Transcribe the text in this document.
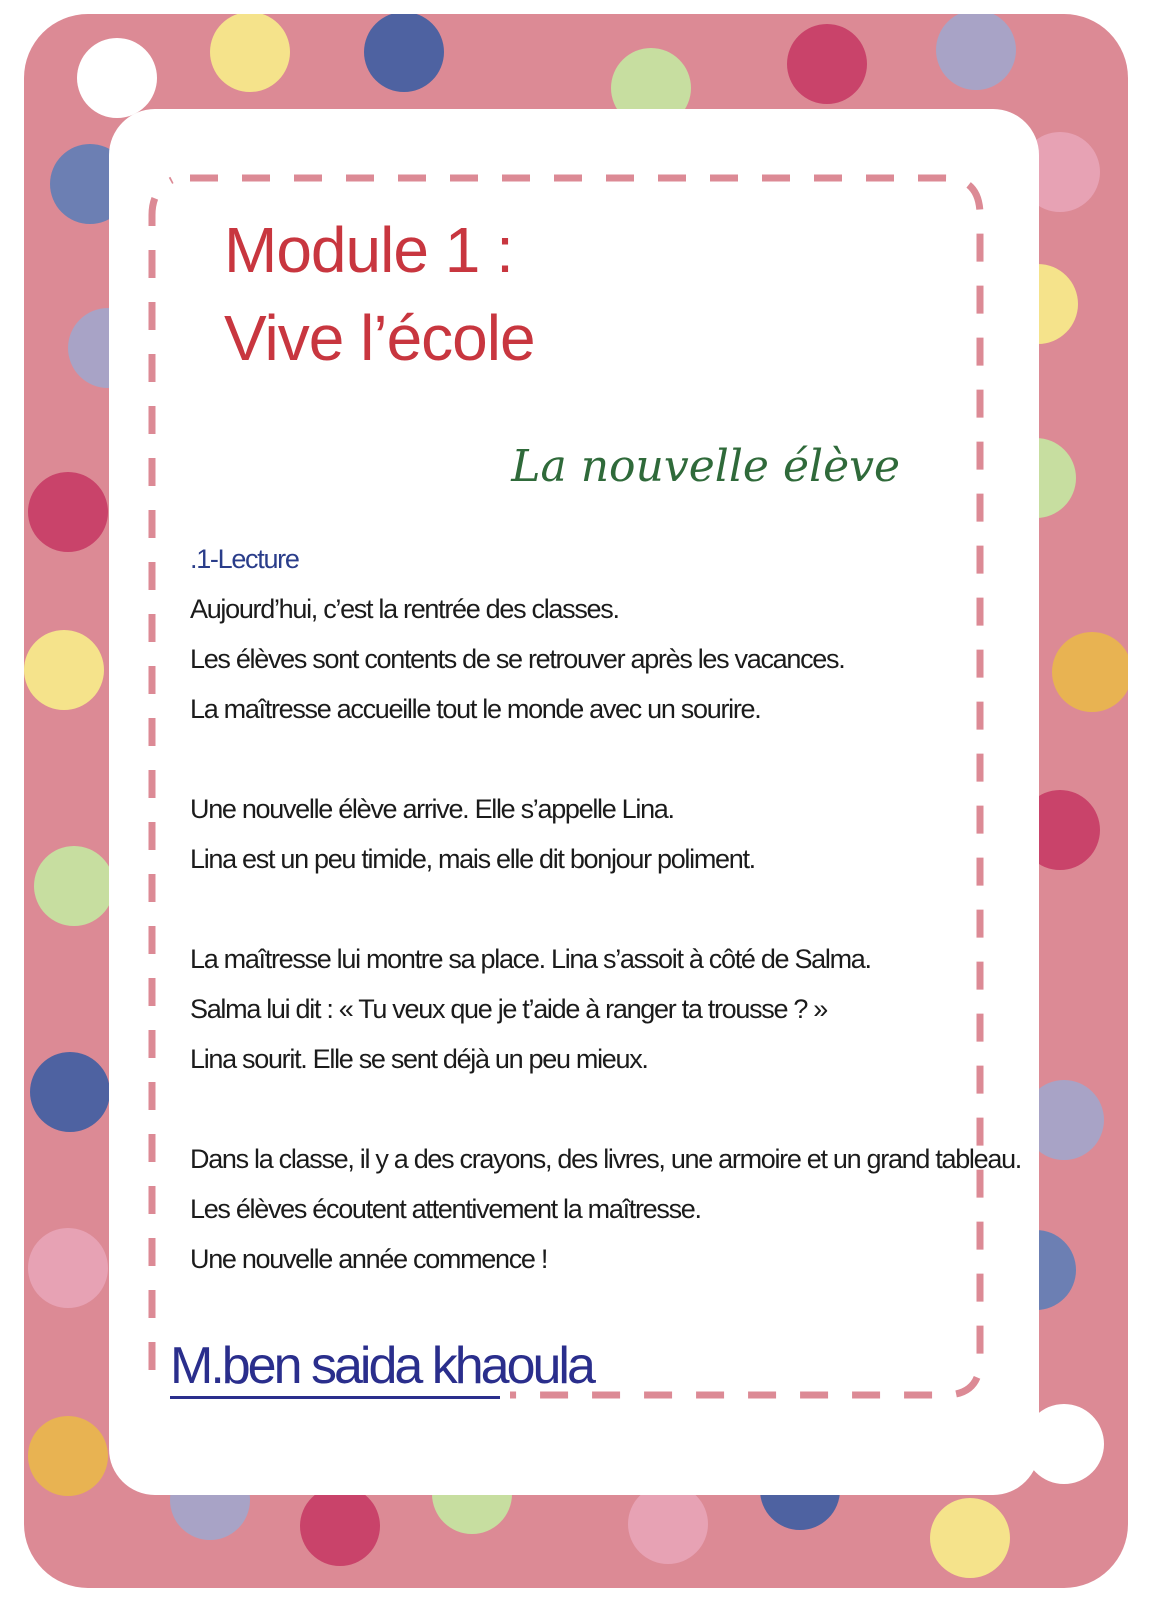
Module 1 :
Vive l’école
La nouvelle élève
.1-Lecture
Aujourd’hui, c’est la rentrée des classes.
Les élèves sont contents de se retrouver après les vacances.
La maîtresse accueille tout le monde avec un sourire.
Une nouvelle élève arrive. Elle s’appelle Lina.
Lina est un peu timide, mais elle dit bonjour poliment.
La maîtresse lui montre sa place. Lina s’assoit à côté de Salma.
Salma lui dit : « Tu veux que je t’aide à ranger ta trousse ? »
Lina sourit. Elle se sent déjà un peu mieux.
Dans la classe, il y a des crayons, des livres, une armoire et un grand tableau.
Les élèves écoutent attentivement la maîtresse.
Une nouvelle année commence !
M.ben saida khaoula
